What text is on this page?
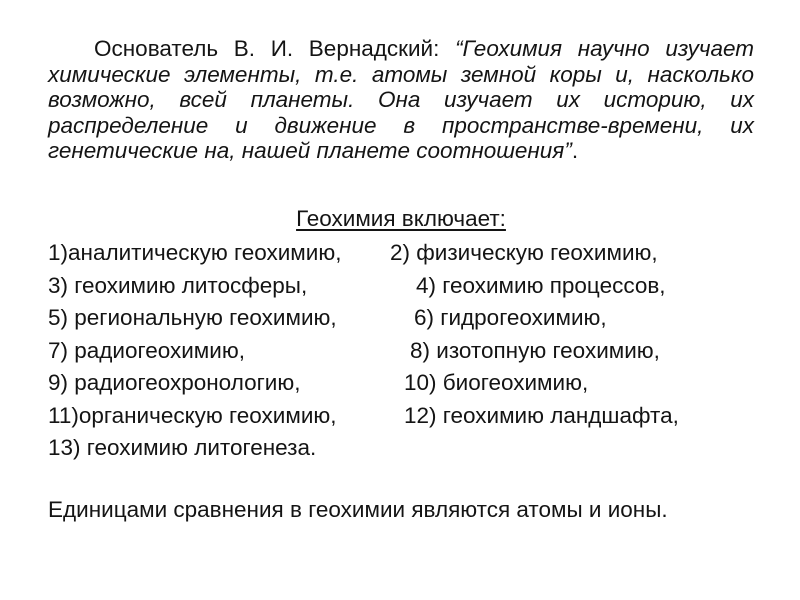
Основатель В. И. Вернадский: “Геохимия научно изучает химические элементы, т.е. атомы земной коры и, насколько возможно, всей планеты. Она изучает их историю, их распределение и движение в пространстве-времени, их генетические на, нашей планете соотношения”.

Геохимия включает:
1)аналитическую геохимию, 2) физическую геохимию,
3) геохимию литосферы,	4) геохимию процессов,
5) региональную геохимию,	6) гидрогеохимию,
7) радиогеохимию,	8) изотопную геохимию,
9) радиогеохронологию,	10) биогеохимию,
11)органическую геохимию,	12) геохимию ландшафта,
13) геохимию литогенеза.

Единицами сравнения в геохимии являются атомы и ионы.
